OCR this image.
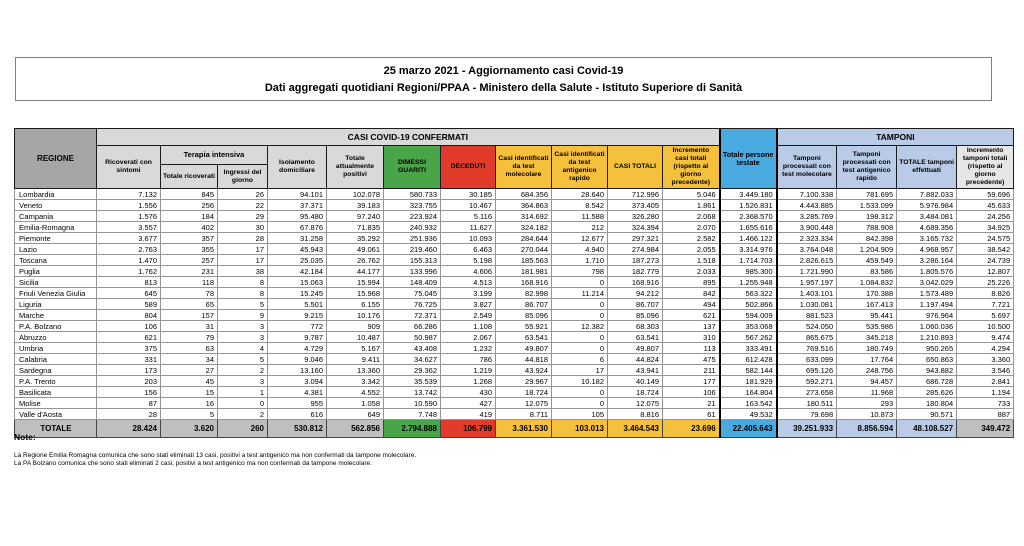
25 marzo 2021 - Aggiornamento casi Covid-19
Dati aggregati quotidiani Regioni/PPAA - Ministero della Salute - Istituto Superiore di Sanità
REGIONE	CASI COVID-19 CONFERMATI											Totale persone testate	TAMPONI			
	Ricoverati con sintomi	Terapia intensiva		Isolamento domiciliare	Totale attualmente positivi	DIMESSI GUARITI	DECEDUTI	Casi identificati da test molecolare	Casi identificati da test antigenico rapido	CASI TOTALI	Incremento casi totali (rispetto al giorno precedente)		Tamponi processati con test molecolare	Tamponi processati con test antigenico rapido	TOTALE tamponi effettuati	Incremento tamponi totali (rispetto al giorno precedente)
		Totale ricoverati	Ingressi del giorno													
Lombardia	7.132	845	26	94.101	102.078	580.733	30.185	684.356	28.640	712.996	5.046	3.449.180	7.100.338	781.695	7.882.033	59.696
Veneto	1.556	256	22	37.371	39.183	323.755	10.467	364.863	8.542	373.405	1.861	1.526.831	4.443.885	1.533.099	5.976.984	45.633
Campania	1.576	184	29	95.480	97.240	223.924	5.116	314.692	11.588	326.280	2.068	2.368.570	3.285.769	198.312	3.484.081	24.256
Emilia-Romagna	3.557	402	30	67.876	71.835	240.932	11.627	324.182	212	324.394	2.070	1.655.616	3.900.448	788.908	4.689.356	34.925
Piemonte	3.677	357	28	31.258	35.292	251.936	10.093	284.644	12.677	297.321	2.582	1.466.122	2.323.334	842.398	3.165.732	24.575
Lazio	2.763	355	17	45.943	49.061	219.460	6.463	270.044	4.940	274.984	2.055	3.314.976	3.764.048	1.204.909	4.968.957	38.542
Toscana	1.470	257	17	25.035	26.762	155.313	5.198	185.563	1.710	187.273	1.518	1.714.703	2.826.615	459.549	3.286.164	24.739
Puglia	1.762	231	38	42.184	44.177	133.996	4.606	181.981	798	182.779	2.033	985.300	1.721.990	83.586	1.805.576	12.807
Sicilia	813	118	8	15.063	15.994	148.409	4.513	168.916	0	168.916	895	1.255.948	1.957.197	1.084.832	3.042.029	25.226
Friuli Venezia Giulia	645	78	8	15.245	15.968	75.045	3.199	82.998	11.214	94.212	842	563.322	1.403.101	170.388	1.573.489	8.826
Liguria	589	65	5	5.501	6.155	76.725	3.827	86.707	0	86.707	494	502.866	1.030.081	167.413	1.197.494	7.721
Marche	804	157	9	9.215	10.176	72.371	2.549	85.096	0	85.096	621	594.009	881.523	95.441	976.964	5.697
P.A. Bolzano	106	31	3	772	909	66.286	1.108	55.921	12.382	68.303	137	353.068	524.050	535.986	1.060.036	10.500
Abruzzo	621	79	3	9.787	10.487	50.987	2.067	63.541	0	63.541	310	567.262	865.675	345.218	1.210.893	9.474
Umbria	375	63	4	4.729	5.167	43.408	1.232	49.807	0	49.807	113	333.491	769.516	180.749	950.265	4.294
Calabria	331	34	5	9.046	9.411	34.627	786	44.818	6	44.824	475	612.428	633.099	17.764	650.863	3.360
Sardegna	173	27	2	13.160	13.360	29.362	1.219	43.924	17	43.941	211	582.144	695.126	248.756	943.882	3.546
P.A. Trento	203	45	3	3.094	3.342	35.539	1.268	29.967	10.182	40.149	177	181.929	592.271	94.457	686.728	2.841
Basilicata	156	15	1	4.381	4.552	13.742	430	18.724	0	18.724	106	164.804	273.658	11.968	285.626	1.194
Molise	87	16	0	955	1.058	10.590	427	12.075	0	12.075	21	163.542	180.511	293	180.804	733
Valle d'Aosta	28	5	2	616	649	7.748	419	8.711	105	8.816	61	49.532	79.698	10.873	90.571	887
TOTALE	28.424	3.620	260	530.812	562.856	2.794.888	106.799	3.361.530	103.013	3.464.543	23.696	22.405.643	39.251.933	8.856.594	48.108.527	349.472
Note:
La Regione Emilia Romagna comunica che sono stati eliminati 13 casi, positivi a test antigenico ma non confermati da tampone molecolare.
La PA Bolzano comunica che sono stati eliminati 2 casi, positivi a test antigenico ma non confermati da tampone molecolare.
